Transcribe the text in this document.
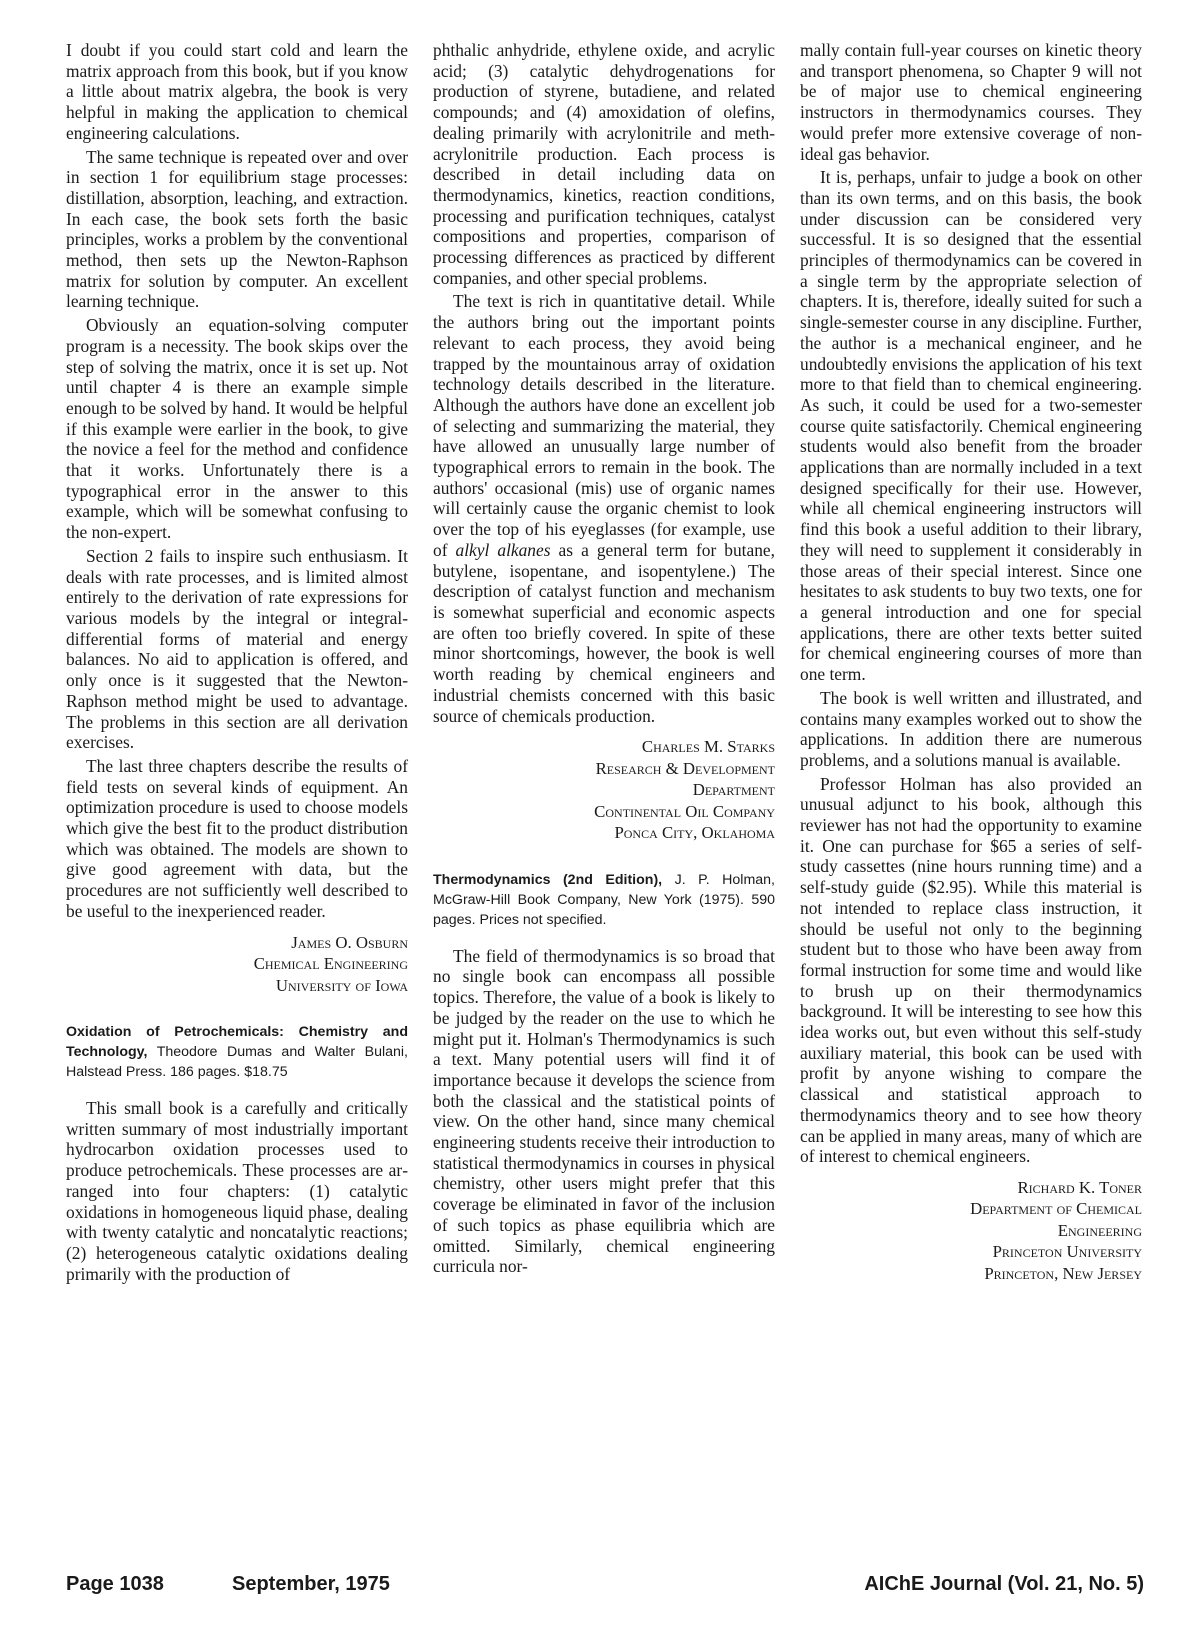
I doubt if you could start cold and learn the matrix approach from this book, but if you know a little about matrix algebra, the book is very helpful in making the application to chemical engineering calculations.

The same technique is repeated over and over in section 1 for equilibrium stage processes: distillation, absorption, leaching, and extraction. In each case, the book sets forth the basic principles, works a problem by the conventional method, then sets up the Newton-Raphson matrix for solution by computer. An excellent learning technique.

Obviously an equation-solving computer program is a necessity. The book skips over the step of solving the matrix, once it is set up. Not until chapter 4 is there an example simple enough to be solved by hand. It would be helpful if this example were earlier in the book, to give the novice a feel for the method and confidence that it works. Unfortunately there is a typographical error in the answer to this example, which will be somewhat confusing to the non-expert.

Section 2 fails to inspire such enthusiasm. It deals with rate processes, and is limited almost entirely to the derivation of rate expressions for various models by the integral or integral-differential forms of material and energy balances. No aid to application is offered, and only once is it suggested that the Newton-Raphson method might be used to advantage. The problems in this section are all derivation exercises.

The last three chapters describe the results of field tests on several kinds of equipment. An optimization procedure is used to choose models which give the best fit to the product distribution which was obtained. The models are shown to give good agreement with data, but the procedures are not sufficiently well described to be useful to the inexperienced reader.

James O. Osburn
Chemical Engineering
University of Iowa
Oxidation of Petrochemicals: Chemistry and Technology, Theodore Dumas and Walter Bulani, Halstead Press. 186 pages. $18.75

This small book is a carefully and critically written summary of most industrially important hydrocarbon oxidation processes used to produce petrochemicals. These processes are arranged into four chapters: (1) catalytic oxidations in homogeneous liquid phase, dealing with twenty catalytic and noncatalytic reactions; (2) heterogeneous catalytic oxidations dealing primarily with the production of

phthalic anhydride, ethylene oxide, and acrylic acid; (3) catalytic dehydrogenations for production of styrene, butadiene, and related compounds; and (4) amoxidation of olefins, dealing primarily with acrylonitrile and methacrylonitrile production. Each process is described in detail including data on thermodynamics, kinetics, reaction conditions, processing and purification techniques, catalyst compositions and properties, comparison of processing differences as practiced by different companies, and other special problems.

The text is rich in quantitative detail. While the authors bring out the important points relevant to each process, they avoid being trapped by the mountainous array of oxidation technology details described in the literature. Although the authors have done an excellent job of selecting and summarizing the material, they have allowed an unusually large number of typographical errors to remain in the book. The authors' occasional (mis) use of organic names will certainly cause the organic chemist to look over the top of his eyeglasses (for example, use of alkyl alkanes as a general term for butane, butylene, isopentane, and isopentylene.) The description of catalyst function and mechanism is somewhat superficial and economic aspects are often too briefly covered. In spite of these minor shortcomings, however, the book is well worth reading by chemical engineers and industrial chemists concerned with this basic source of chemicals production.

Charles M. Starks
Research & Development
Department
Continental Oil Company
Ponca City, Oklahoma
Thermodynamics (2nd Edition), J. P. Holman, McGraw-Hill Book Company, New York (1975). 590 pages. Prices not specified.

The field of thermodynamics is so broad that no single book can encompass all possible topics. Therefore, the value of a book is likely to be judged by the reader on the use to which he might put it. Holman's Thermodynamics is such a text. Many potential users will find it of importance because it develops the science from both the classical and the statistical points of view. On the other hand, since many chemical engineering students receive their introduction to statistical thermodynamics in courses in physical chemistry, other users might prefer that this coverage be eliminated in favor of the inclusion of such topics as phase equilibria which are omitted. Similarly, chemical engineering curricula nor-

mally contain full-year courses on kinetic theory and transport phenomena, so Chapter 9 will not be of major use to chemical engineering instructors in thermodynamics courses. They would prefer more extensive coverage of non-ideal gas behavior.

It is, perhaps, unfair to judge a book on other than its own terms, and on this basis, the book under discussion can be considered very successful. It is so designed that the essential principles of thermodynamics can be covered in a single term by the appropriate selection of chapters. It is, therefore, ideally suited for such a single-semester course in any discipline. Further, the author is a mechanical engineer, and he undoubtedly envisions the application of his text more to that field than to chemical engineering. As such, it could be used for a two-semester course quite satisfactorily. Chemical engineering students would also benefit from the broader applications than are normally included in a text designed specifically for their use. However, while all chemical engineering instructors will find this book a useful addition to their library, they will need to supplement it considerably in those areas of their special interest. Since one hesitates to ask students to buy two texts, one for a general introduction and one for special applications, there are other texts better suited for chemical engineering courses of more than one term.

The book is well written and illustrated, and contains many examples worked out to show the applications. In addition there are numerous problems, and a solutions manual is available.

Professor Holman has also provided an unusual adjunct to his book, although this reviewer has not had the opportunity to examine it. One can purchase for $65 a series of self-study cassettes (nine hours running time) and a self-study guide ($2.95). While this material is not intended to replace class instruction, it should be useful not only to the beginning student but to those who have been away from formal instruction for some time and would like to brush up on their thermodynamics background. It will be interesting to see how this idea works out, but even without this self-study auxiliary material, this book can be used with profit by anyone wishing to compare the classical and statistical approach to thermodynamics theory and to see how theory can be applied in many areas, many of which are of interest to chemical engineers.

Richard K. Toner
Department of Chemical
Engineering
Princeton University
Princeton, New Jersey
Page 1038	September, 1975	AIChE Journal (Vol. 21, No. 5)
